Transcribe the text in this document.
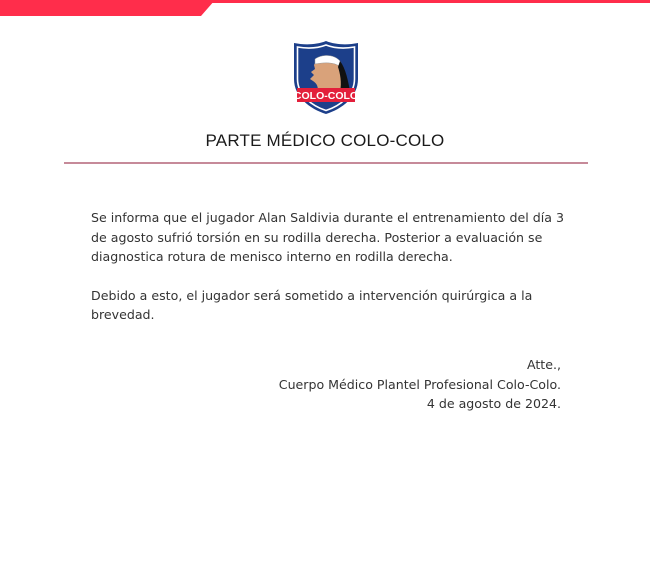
COLO-COLO
PARTE MÉDICO COLO-COLO

Se informa que el jugador Alan Saldivia durante el entrenamiento del día 3 de agosto sufrió torsión en su rodilla derecha. Posterior a evaluación se diagnostica rotura de menisco interno en rodilla derecha.

Debido a esto, el jugador será sometido a intervención quirúrgica a la brevedad.

Atte.,
Cuerpo Médico Plantel Profesional Colo-Colo.
4 de agosto de 2024.
